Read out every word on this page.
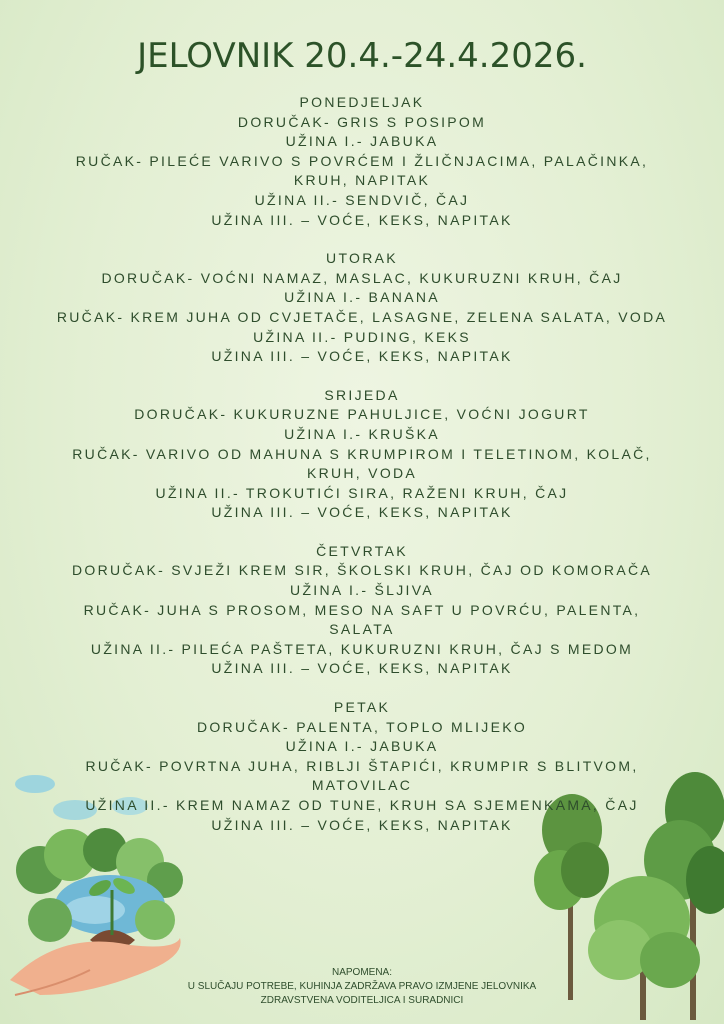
JELOVNIK 20.4.-24.4.2026.
PONEDJELJAK
DORUČAK- GRIS S POSIPOM
UŽINA I.- JABUKA
RUČAK- PILEĆE VARIVO S POVRĆEM I ŽLIČNJACIMA, PALAČINKA,
KRUH, NAPITAK
UŽINA II.- SENDVIČ, ČAJ
UŽINA III. – VOĆE, KEKS, NAPITAK
UTORAK
DORUČAK- VOĆNI NAMAZ, MASLAC, KUKURUZNI KRUH, ČAJ
UŽINA I.- BANANA
RUČAK- KREM JUHA OD CVJETAČE, LASAGNE, ZELENA SALATA, VODA
UŽINA II.- PUDING, KEKS
UŽINA III. – VOĆE, KEKS, NAPITAK
SRIJEDA
DORUČAK- KUKURUZNE PAHULJICE, VOĆNI JOGURT
UŽINA I.- KRUŠKA
RUČAK- VARIVO OD MAHUNA S KRUMPIROM I TELETINOM, KOLAČ,
KRUH, VODA
UŽINA II.- TROKUTIĆI SIRA, RAŽENI KRUH, ČAJ
UŽINA III. – VOĆE, KEKS, NAPITAK
ČETVRTAK
DORUČAK- SVJEŽI KREM SIR, ŠKOLSKI KRUH, ČAJ OD KOMORAČA
UŽINA I.- ŠLJIVA
RUČAK- JUHA S PROSOM, MESO NA SAFT U POVRĆU, PALENTA,
SALATA
UŽINA II.- PILEĆA PAŠTETA, KUKURUZNI KRUH, ČAJ S MEDOM
UŽINA III. – VOĆE, KEKS, NAPITAK
PETAK
DORUČAK- PALENTA, TOPLO MLIJEKO
UŽINA I.- JABUKA
RUČAK- POVRTNA JUHA, RIBLJI ŠTAPIĆI, KRUMPIR S BLITVOM,
MATOVILAC
UŽINA II.- KREM NAMAZ OD TUNE, KRUH SA SJEMENKAMA, ČAJ
UŽINA III. – VOĆE, KEKS, NAPITAK
NAPOMENA:
U SLUČAJU POTREBE, KUHINJA ZADRŽAVA PRAVO IZMJENE JELOVNIKA
ZDRAVSTVENA VODITELJICA I SURADNICI
